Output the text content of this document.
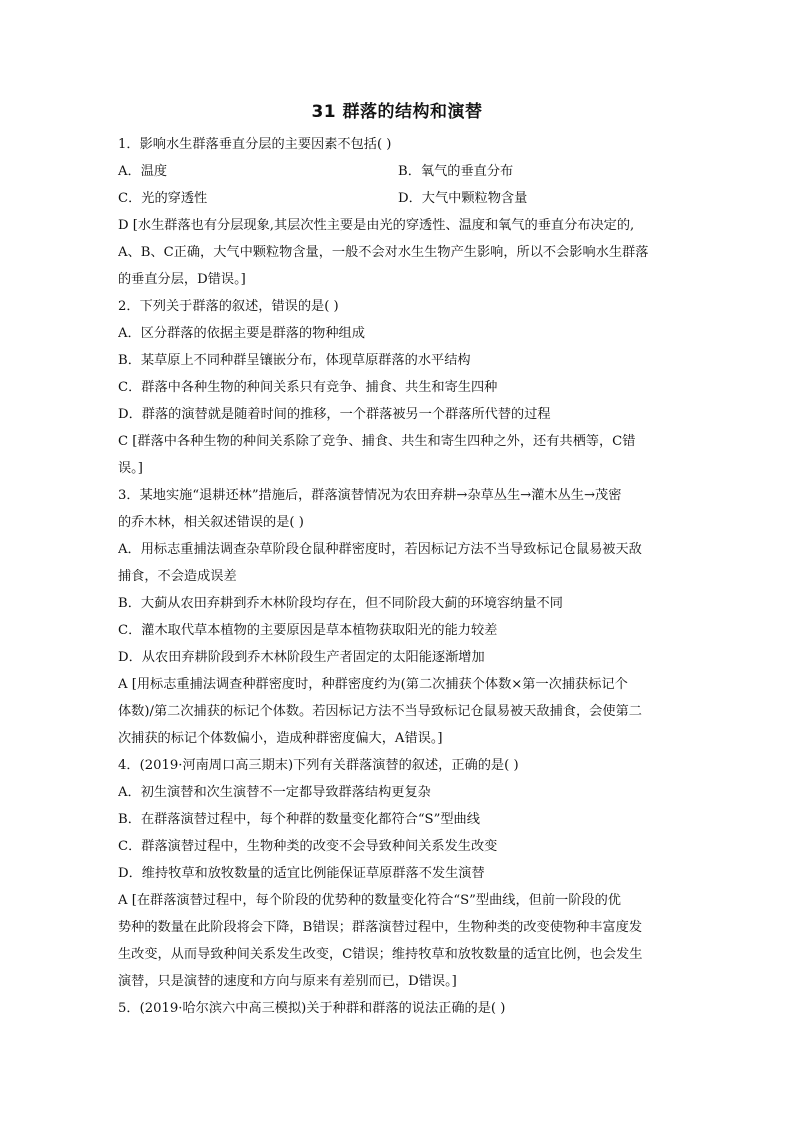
31 群落的结构和演替
1．影响水生群落垂直分层的主要因素不包括( )
A．温度	B．氧气的垂直分布
C．光的穿透性	D．大气中颗粒物含量
D [水生群落也有分层现象,其层次性主要是由光的穿透性、温度和氧气的垂直分布决定的,
A、B、C正确，大气中颗粒物含量，一般不会对水生生物产生影响，所以不会影响水生群落
的垂直分层，D错误。]
2．下列关于群落的叙述，错误的是( )
A．区分群落的依据主要是群落的物种组成
B．某草原上不同种群呈镶嵌分布，体现草原群落的水平结构
C．群落中各种生物的种间关系只有竞争、捕食、共生和寄生四种
D．群落的演替就是随着时间的推移，一个群落被另一个群落所代替的过程
C [群落中各种生物的种间关系除了竞争、捕食、共生和寄生四种之外，还有共栖等，C错
误。]
3．某地实施“退耕还林”措施后，群落演替情况为农田弃耕→杂草丛生→灌木丛生→茂密
的乔木林，相关叙述错误的是( )
A．用标志重捕法调查杂草阶段仓鼠种群密度时，若因标记方法不当导致标记仓鼠易被天敌
捕食，不会造成误差
B．大蓟从农田弃耕到乔木林阶段均存在，但不同阶段大蓟的环境容纳量不同
C．灌木取代草本植物的主要原因是草本植物获取阳光的能力较差
D．从农田弃耕阶段到乔木林阶段生产者固定的太阳能逐渐增加
A [用标志重捕法调查种群密度时，种群密度约为(第二次捕获个体数×第一次捕获标记个
体数)/第二次捕获的标记个体数。若因标记方法不当导致标记仓鼠易被天敌捕食，会使第二
次捕获的标记个体数偏小，造成种群密度偏大，A错误。]
4．(2019·河南周口高三期末)下列有关群落演替的叙述，正确的是( )
A．初生演替和次生演替不一定都导致群落结构更复杂
B．在群落演替过程中，每个种群的数量变化都符合“S”型曲线
C．群落演替过程中，生物种类的改变不会导致种间关系发生改变
D．维持牧草和放牧数量的适宜比例能保证草原群落不发生演替
A [在群落演替过程中，每个阶段的优势种的数量变化符合“S”型曲线，但前一阶段的优
势种的数量在此阶段将会下降，B错误；群落演替过程中，生物种类的改变使物种丰富度发
生改变，从而导致种间关系发生改变，C错误；维持牧草和放牧数量的适宜比例，也会发生
演替，只是演替的速度和方向与原来有差别而已，D错误。]
5．(2019·哈尔滨六中高三模拟)关于种群和群落的说法正确的是( )
